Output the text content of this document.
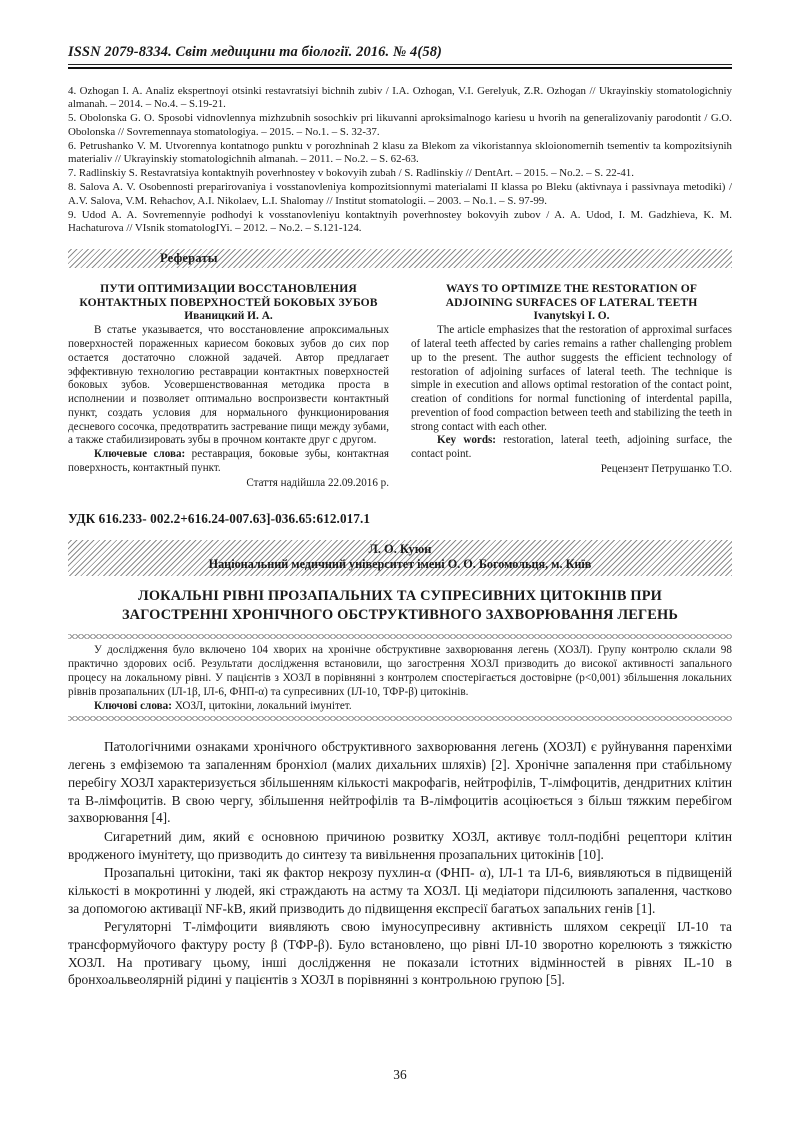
ISSN 2079-8334. Світ медицини та біології. 2016. № 4(58)

4. Ozhogan I. A. Analiz ekspertnoyi otsinki restavratsiyi bichnih zubiv / I.A. Ozhogan, V.I. Gerelyuk, Z.R. Ozhogan // Ukrayinskiy stomatologichniy almanah. – 2014. – No.4. – S.19-21.

5. Obolonska G. O. Sposobi vidnovlennya mizhzubnih sosochkiv pri likuvanni aproksimalnogo kariesu u hvorih na generalizovaniy parodontit / G.O. Obolonska // Sovremennaya stomatologiya. – 2015. – No.1. – S. 32-37.

6. Petrushanko V. M. Utvorennya kontatnogo punktu v porozhninah 2 klasu za Blekom za vikoristannya skloionomernih tsementiv ta kompozitsiynih materialiv // Ukrayinskiy stomatologichnih almanah. – 2011. – No.2. – S. 62-63.

7. Radlinskiy S. Restavratsiya kontaktnyih poverhnostey v bokovyih zubah / S. Radlinskiy // DentArt. – 2015. – No.2. – S. 22-41.

8. Salova A. V. Osobennosti preparirovaniya i vosstanovleniya kompozitsionnymi materialami II klassa po Bleku (aktivnaya i passivnaya metodiki) / A.V. Salova, V.M. Rehachov, A.I. Nikolaev, L.I. Shalomay // Institut stomatologii. – 2003. – No.1. – S. 97-99.

9. Udod A. A. Sovremennyie podhodyi k vosstanovleniyu kontaktnyih poverhnostey bokovyih zubov / A. A. Udod, I. M. Gadzhieva, K. M. Hachaturova // VIsnik stomatologIYi. – 2012. – No.2. – S.121-124.

Рефераты
ПУТИ ОПТИМИЗАЦИИ ВОССТАНОВЛЕНИЯ
КОНТАКТНЫХ ПОВЕРХНОСТЕЙ БОКОВЫХ ЗУБОВ
Иваницкий И. А.

В статье указывается, что восстановление апроксимальных поверхностей пораженных кариесом боковых зубов до сих пор остается достаточно сложной задачей. Автор предлагает эффективную технологию реставрации контактных поверхностей боковых зубов. Усовершенствованная методика проста в исполнении и позволяет оптимально воспроизвести контактный пункт, создать условия для нормального функционирования десневого сосочка, предотвратить застревание пищи между зубами, а также стабилизировать зубы в прочном контакте друг с другом.

Ключевые слова: реставрация, боковые зубы, контактная поверхность, контактный пункт.

Стаття надійшла 22.09.2016 р.
WAYS TO OPTIMIZE THE RESTORATION OF
ADJOINING SURFACES OF LATERAL TEETH
Ivanytskyi I. O.

The article emphasizes that the restoration of approximal surfaces of lateral teeth affected by caries remains a rather challenging problem up to the present. The author suggests the efficient technology of restoration of adjoining surfaces of lateral teeth. The technique is simple in execution and allows optimal restoration of the contact point, creation of conditions for normal functioning of interdental papilla, prevention of food compaction between teeth and stabilizing the teeth in strong contact with each other.

Key words: restoration, lateral teeth, adjoining surface, the contact point.

Рецензент Петрушанко Т.О.
УДК 616.233- 002.2+616.24-007.63]-036.65:612.017.1
Л. О. Куюн
Національний медичний університет імені О. О. Богомольця, м. Київ
ЛОКАЛЬНІ РІВНІ ПРОЗАПАЛЬНИХ ТА СУПРЕСИВНИХ ЦИТОКІНІВ ПРИ
ЗАГОСТРЕННІ ХРОНІЧНОГО ОБСТРУКТИВНОГО ЗАХВОРЮВАННЯ ЛЕГЕНЬ

У дослідження було включено 104 хворих на хронічне обструктивне захворювання легень (ХОЗЛ). Групу контролю склали 98 практично здорових осіб. Результати дослідження встановили, що загострення ХОЗЛ призводить до високої активності запального процесу на локальному рівні. У пацієнтів з ХОЗЛ в порівнянні з контролем спостерігається достовірне (р<0,001) збільшення локальних рівнів прозапальних (ІЛ-1β, ІЛ-6, ФНП-α) та супресивних (ІЛ-10, ТФР-β) цитокінів.

Ключові слова: ХОЗЛ, цитокіни, локальний імунітет.

Патологічними ознаками хронічного обструктивного захворювання легень (ХОЗЛ) є руйнування паренхіми легень з емфіземою та запаленням бронхіол (малих дихальних шляхів) [2]. Хронічне запалення при стабільному перебігу ХОЗЛ характеризується збільшенням кількості макрофагів, нейтрофілів, Т-лімфоцитів, дендритних клітин та В-лімфоцитів. В свою чергу, збільшення нейтрофілів та В-лімфоцитів асоціюється з більш тяжким перебігом захворювання [4].

Сигаретний дим, який є основною причиною розвитку ХОЗЛ, активує толл-подібні рецептори клітин вродженого імунітету, що призводить до синтезу та вивільнення прозапальних цитокінів [10].

Прозапальні цитокіни, такі як фактор некрозу пухлин-α (ФНП- α), ІЛ-1 та ІЛ-6, виявляються в підвищеній кількості в мокротинні у людей, які страждають на астму та ХОЗЛ. Ці медіатори підсилюють запалення, частково за допомогою активації NF-kB, який призводить до підвищення експресії багатьох запальних генів [1].

Регуляторні Т-лімфоцити виявляють свою імуносупресивну активність шляхом секреції ІЛ-10 та трансформуйочого фактуру росту β (ТФР-β). Було встановлено, що рівні ІЛ-10 зворотно корелюють з тяжкістю ХОЗЛ. На противагу цьому, інші дослідження не показали істотних відмінностей в рівнях IL-10 в бронхоальвеолярній рідині у пацієнтів з ХОЗЛ в порівнянні з контрольною групою [5].

36
